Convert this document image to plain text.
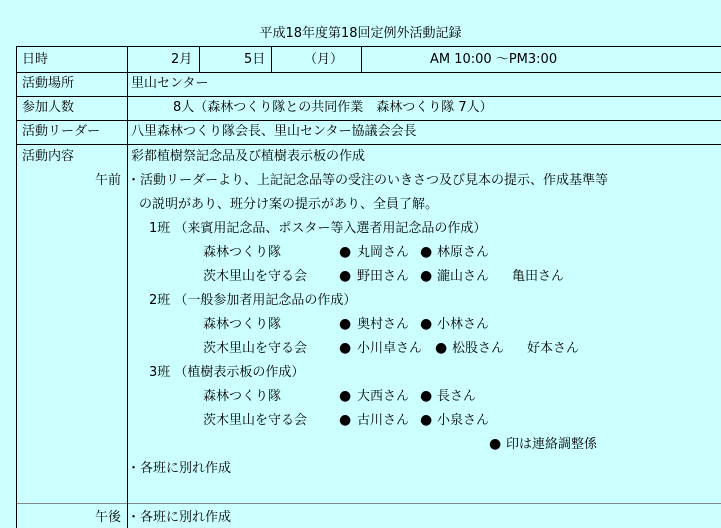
平成18年度第18回定例外活動記録
日時	2月	5日	（月）	AM 10:00 ～PM3:00
活動場所	里山センター
参加人数	8人（森林つくり隊との共同作業　森林つくり隊 7人）
活動リーダー 八里森林つくり隊会長、里山センター協議会会長
活動内容	彩都植樹祭記念品及び植樹表示板の作成
午前 ・活動リーダーより、上記記念品等の受注のいきさつ及び見本の提示、作成基準等
の説明があり、班分け案の提示があり、全員了解。
1班 （来賓用記念品、ポスター等入選者用記念品の作成）
森林つくり隊	● 丸岡さん ● 林原さん
茨木里山を守る会 ● 野田さん ● 瀧山さん 亀田さん
2班 （一般参加者用記念品の作成）
森林つくり隊	● 奥村さん ● 小林さん
茨木里山を守る会 ● 小川卓さん ● 松股さん 好本さん
3班 （植樹表示板の作成）
森林つくり隊	● 大西さん ● 長さん
茨木里山を守る会 ● 古川さん ● 小泉さん
● 印は連絡調整係
・各班に別れ作成
午後 ・各班に別れ作成
